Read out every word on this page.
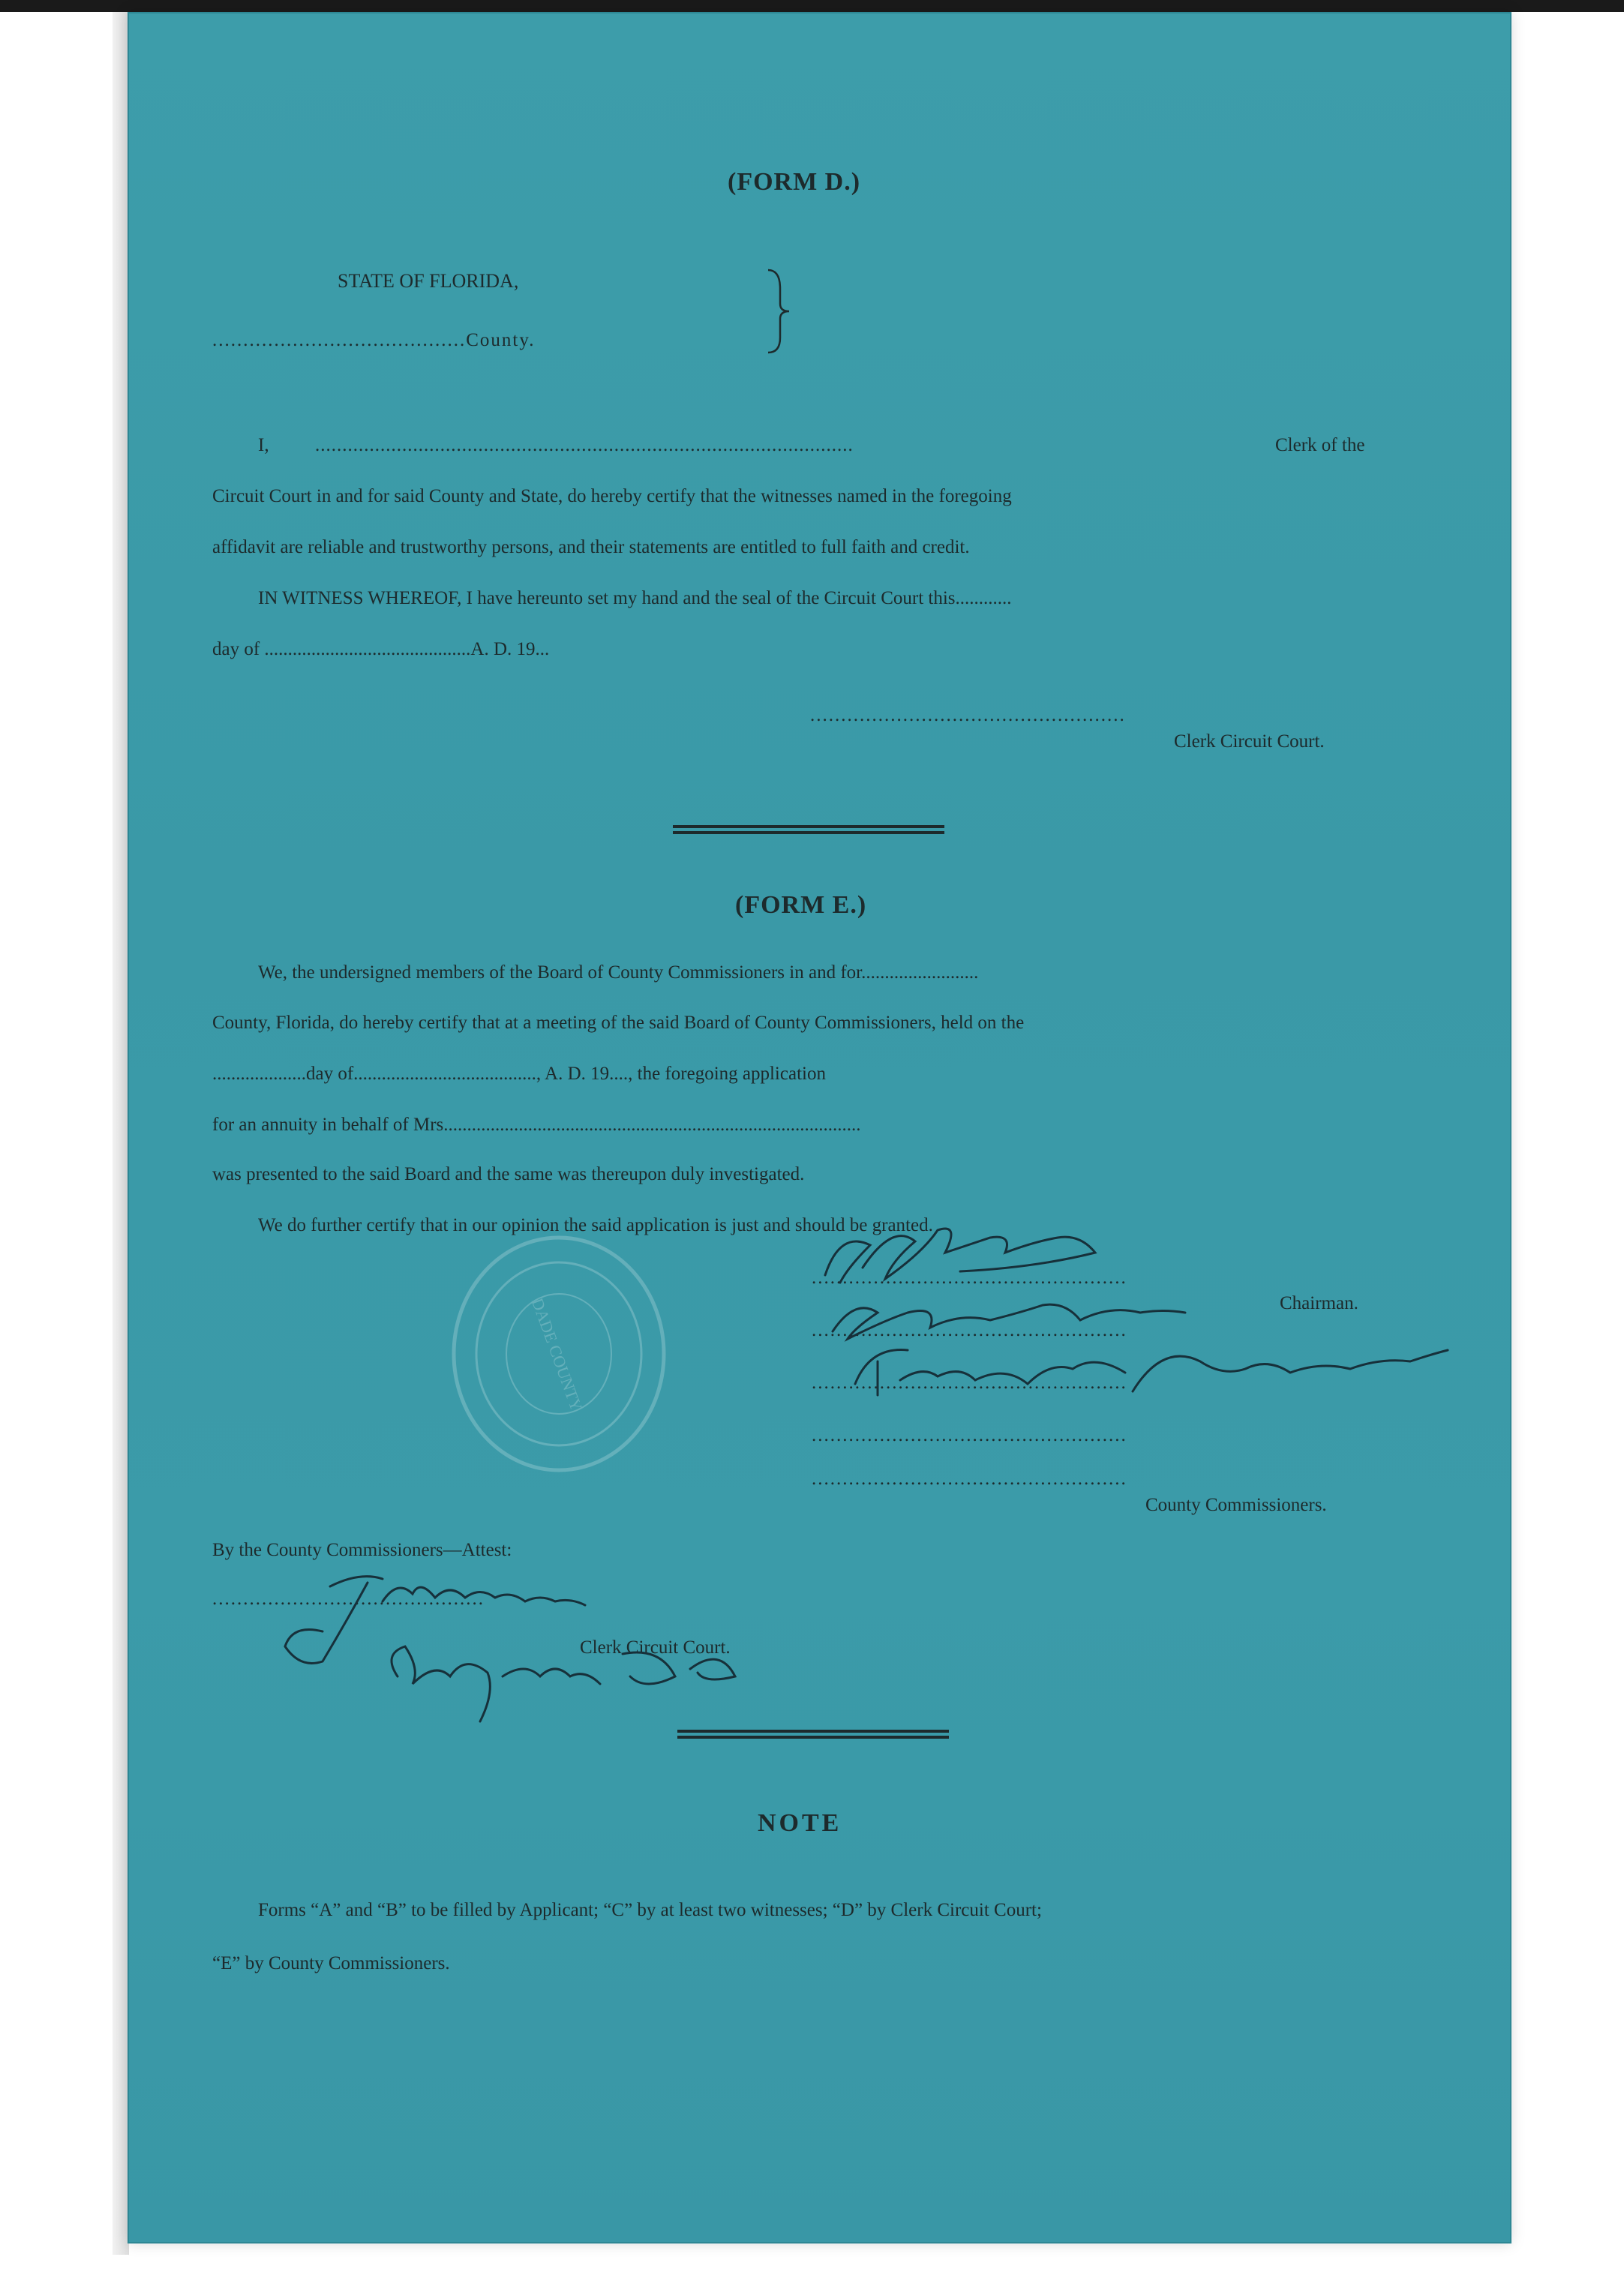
(FORM D.)
STATE OF FLORIDA,
.........................................County.
I, ...................................................................................................	Clerk of the
Circuit Court in and for said County and State, do hereby certify that the witnesses named in the foregoing
affidavit are reliable and trustworthy persons, and their statements are entitled to full faith and credit.
IN WITNESS WHEREOF, I have hereunto set my hand and the seal of the Circuit Court this............
day of ............................................A. D. 19...
...................................................
Clerk Circuit Court.
(FORM E.)
We, the undersigned members of the Board of County Commissioners in and for.........................
County, Florida, do hereby certify that at a meeting of the said Board of County Commissioners, held on the
....................day of......................................., A. D. 19...., the foregoing application
for an annuity in behalf of Mrs.........................................................................................
was presented to the said Board and the same was thereupon duly investigated.
We do further certify that in our opinion the said application is just and should be granted.
...................................................
Chairman.
...................................................
...................................................
...................................................
...................................................
County Commissioners.
DADE COUNTY
By the County Commissioners—Attest:
............................................
Clerk Circuit Court.
NOTE
Forms “A” and “B” to be filled by Applicant; “C” by at least two witnesses; “D” by Clerk Circuit Court;
“E” by County Commissioners.
